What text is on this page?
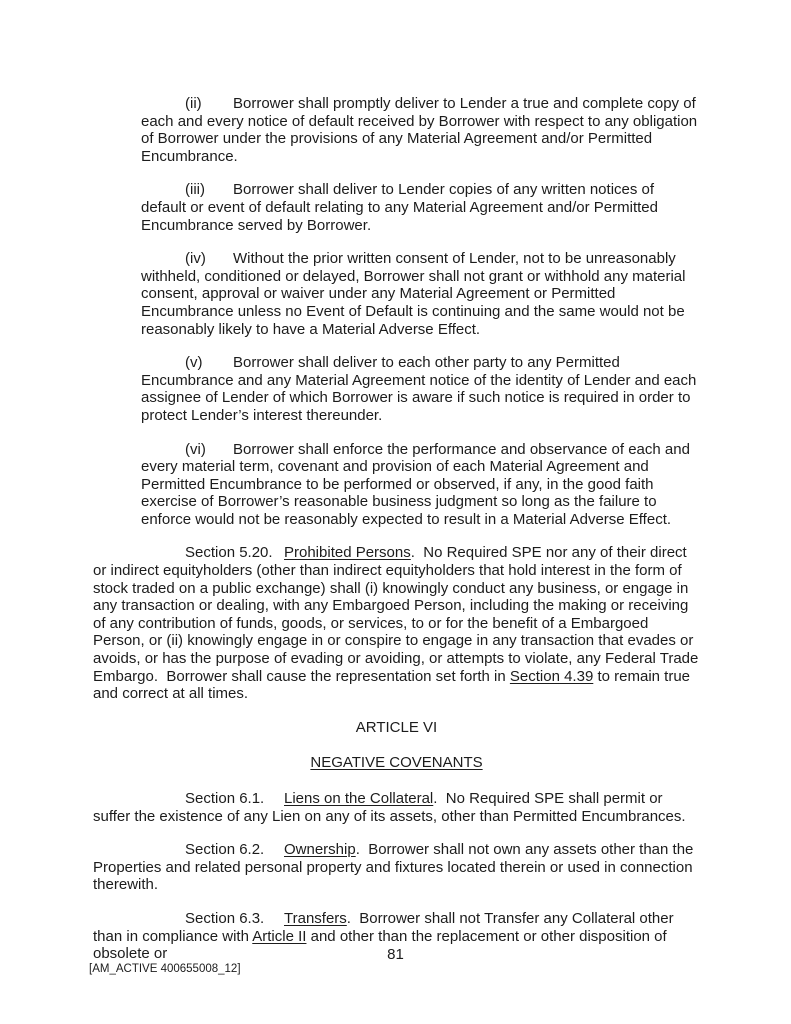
(ii) Borrower shall promptly deliver to Lender a true and complete copy of each and every notice of default received by Borrower with respect to any obligation of Borrower under the provisions of any Material Agreement and/or Permitted Encumbrance.

(iii) Borrower shall deliver to Lender copies of any written notices of default or event of default relating to any Material Agreement and/or Permitted Encumbrance served by Borrower.

(iv) Without the prior written consent of Lender, not to be unreasonably withheld, conditioned or delayed, Borrower shall not grant or withhold any material consent, approval or waiver under any Material Agreement or Permitted Encumbrance unless no Event of Default is continuing and the same would not be reasonably likely to have a Material Adverse Effect.

(v) Borrower shall deliver to each other party to any Permitted Encumbrance and any Material Agreement notice of the identity of Lender and each assignee of Lender of which Borrower is aware if such notice is required in order to protect Lender’s interest thereunder.

(vi) Borrower shall enforce the performance and observance of each and every material term, covenant and provision of each Material Agreement and Permitted Encumbrance to be performed or observed, if any, in the good faith exercise of Borrower’s reasonable business judgment so long as the failure to enforce would not be reasonably expected to result in a Material Adverse Effect.

Section 5.20. Prohibited Persons.  No Required SPE nor any of their direct or indirect equityholders (other than indirect equityholders that hold interest in the form of stock traded on a public exchange) shall (i) knowingly conduct any business, or engage in any transaction or dealing, with any Embargoed Person, including the making or receiving of any contribution of funds, goods, or services, to or for the benefit of a Embargoed Person, or (ii) knowingly engage in or conspire to engage in any transaction that evades or avoids, or has the purpose of evading or avoiding, or attempts to violate, any Federal Trade Embargo.  Borrower shall cause the representation set forth in Section 4.39 to remain true and correct at all times.

ARTICLE VI

NEGATIVE COVENANTS

Section 6.1. Liens on the Collateral.  No Required SPE shall permit or suffer the existence of any Lien on any of its assets, other than Permitted Encumbrances.

Section 6.2. Ownership.  Borrower shall not own any assets other than the Properties and related personal property and fixtures located therein or used in connection therewith.

Section 6.3. Transfers.  Borrower shall not Transfer any Collateral other than in compliance with Article II and other than the replacement or other disposition of obsolete or	81
[AM_ACTIVE 400655008_12]
